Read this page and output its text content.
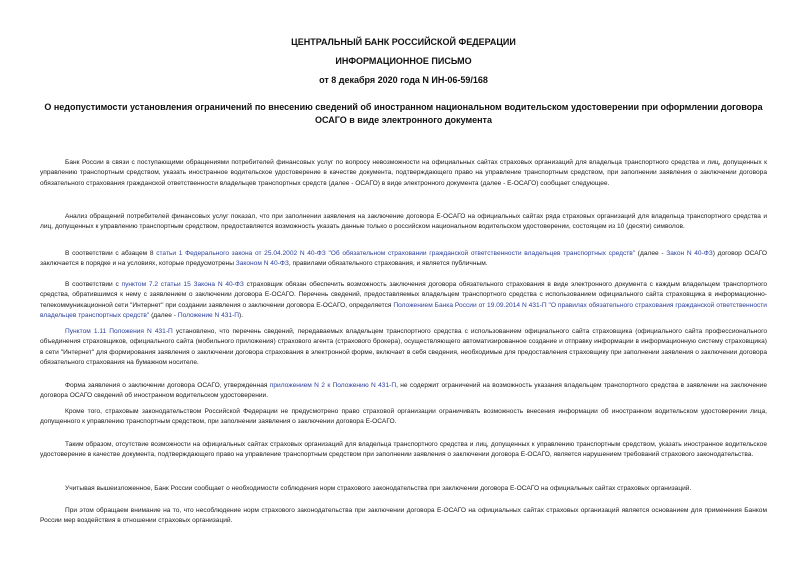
ЦЕНТРАЛЬНЫЙ БАНК РОССИЙСКОЙ ФЕДЕРАЦИИ
ИНФОРМАЦИОННОЕ ПИСЬМО
от 8 декабря 2020 года N ИН-06-59/168
О недопустимости установления ограничений по внесению сведений об иностранном национальном водительском удостоверении при оформлении договора ОСАГО в виде электронного документа

Банк России в связи с поступающими обращениями потребителей финансовых услуг по вопросу невозможности на официальных сайтах страховых организаций для владельца транспортного средства и лиц, допущенных к управлению транспортным средством, указать иностранное водительское удостоверение в качестве документа, подтверждающего право на управление транспортным средством, при заполнении заявления о заключении договора обязательного страхования гражданской ответственности владельцев транспортных средств (далее - ОСАГО) в виде электронного документа (далее - Е-ОСАГО) сообщает следующее.

Анализ обращений потребителей финансовых услуг показал, что при заполнении заявления на заключение договора Е-ОСАГО на официальных сайтах ряда страховых организаций для владельца транспортного средства и лиц, допущенных к управлению транспортным средством, предоставляется возможность указать данные только о российском национальном водительском удостоверении, состоящем из 10 (десяти) символов.

В соответствии с абзацем 8 статьи 1 Федерального закона от 25.04.2002 N 40-ФЗ "Об обязательном страховании гражданской ответственности владельцев транспортных средств" (далее - Закон N 40-ФЗ) договор ОСАГО заключается в порядке и на условиях, которые предусмотрены Законом N 40-ФЗ, правилами обязательного страхования, и является публичным.

В соответствии с пунктом 7.2 статьи 15 Закона N 40-ФЗ страховщик обязан обеспечить возможность заключения договора обязательного страхования в виде электронного документа с каждым владельцем транспортного средства, обратившимся к нему с заявлением о заключении договора Е-ОСАГО. Перечень сведений, предоставляемых владельцем транспортного средства с использованием официального сайта страховщика в информационно-телекоммуникационной сети "Интернет" при создании заявления о заключении договора Е-ОСАГО, определяется Положением Банка России от 19.09.2014 N 431-П "О правилах обязательного страхования гражданской ответственности владельцев транспортных средств" (далее - Положение N 431-П).

Пунктом 1.11 Положения N 431-П установлено, что перечень сведений, передаваемых владельцем транспортного средства с использованием официального сайта страховщика (официального сайта профессионального объединения страховщиков, официального сайта (мобильного приложения) страхового агента (страхового брокера), осуществляющего автоматизированное создание и отправку информации в информационную систему страховщика) в сети "Интернет" для формирования заявления о заключении договора страхования в электронной форме, включает в себя сведения, необходимые для предоставления страховщику при заполнении заявления о заключении договора обязательного страхования на бумажном носителе.

Форма заявления о заключении договора ОСАГО, утвержденная приложением N 2 к Положению N 431-П, не содержит ограничений на возможность указания владельцем транспортного средства в заявлении на заключение договора ОСАГО сведений об иностранном водительском удостоверении.

Кроме того, страховым законодательством Российской Федерации не предусмотрено право страховой организации ограничивать возможность внесения информации об иностранном водительском удостоверении лица, допущенного к управлению транспортным средством, при заполнении заявления о заключении договора Е-ОСАГО.

Таким образом, отсутствие возможности на официальных сайтах страховых организаций для владельца транспортного средства и лиц, допущенных к управлению транспортным средством, указать иностранное водительское удостоверение в качестве документа, подтверждающего право на управление транспортным средством при заполнении заявления о заключении договора Е-ОСАГО, является нарушением требований страхового законодательства.

Учитывая вышеизложенное, Банк России сообщает о необходимости соблюдения норм страхового законодательства при заключении договора Е-ОСАГО на официальных сайтах страховых организаций.

При этом обращаем внимание на то, что несоблюдение норм страхового законодательства при заключении договора Е-ОСАГО на официальных сайтах страховых организаций является основанием для применения Банком России мер воздействия в отношении страховых организаций.
